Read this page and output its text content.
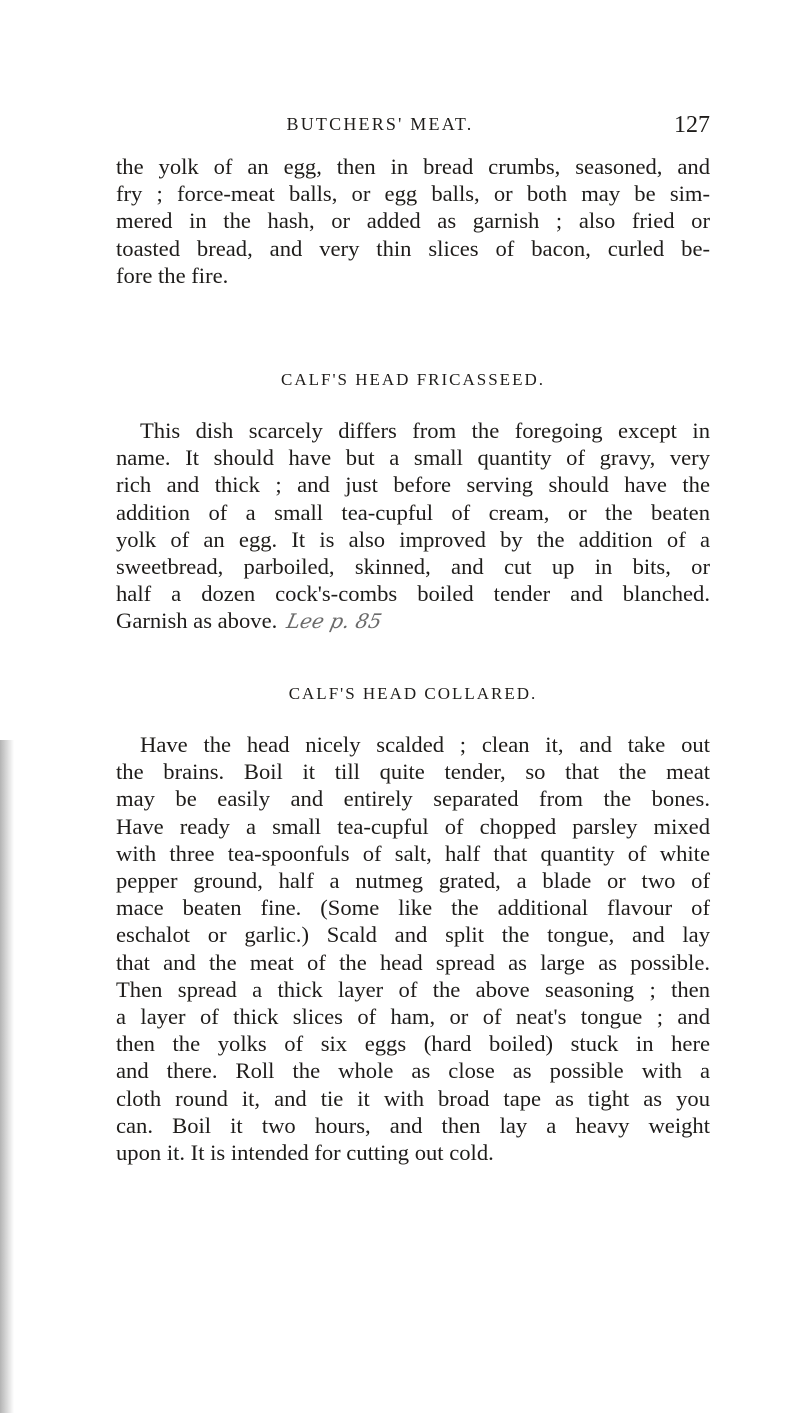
BUTCHERS' MEAT.	127
the yolk of an egg, then in bread crumbs, seasoned, and
fry ; force-meat balls, or egg balls, or both may be sim-
mered in the hash, or added as garnish ; also fried or
toasted bread, and very thin slices of bacon, curled be-
fore the fire.
CALF'S HEAD FRICASSEED.
This dish scarcely differs from the foregoing except in
name. It should have but a small quantity of gravy, very
rich and thick ; and just before serving should have the
addition of a small tea-cupful of cream, or the beaten
yolk of an egg. It is also improved by the addition of a
sweetbread, parboiled, skinned, and cut up in bits, or
half a dozen cock's-combs boiled tender and blanched.
Garnish as above. Lee p. 85
CALF'S HEAD COLLARED.
Have the head nicely scalded ; clean it, and take out
the brains. Boil it till quite tender, so that the meat
may be easily and entirely separated from the bones.
Have ready a small tea-cupful of chopped parsley mixed
with three tea-spoonfuls of salt, half that quantity of white
pepper ground, half a nutmeg grated, a blade or two of
mace beaten fine. (Some like the additional flavour of
eschalot or garlic.) Scald and split the tongue, and lay
that and the meat of the head spread as large as possible.
Then spread a thick layer of the above seasoning ; then
a layer of thick slices of ham, or of neat's tongue ; and
then the yolks of six eggs (hard boiled) stuck in here
and there. Roll the whole as close as possible with a
cloth round it, and tie it with broad tape as tight as you
can. Boil it two hours, and then lay a heavy weight
upon it. It is intended for cutting out cold.
